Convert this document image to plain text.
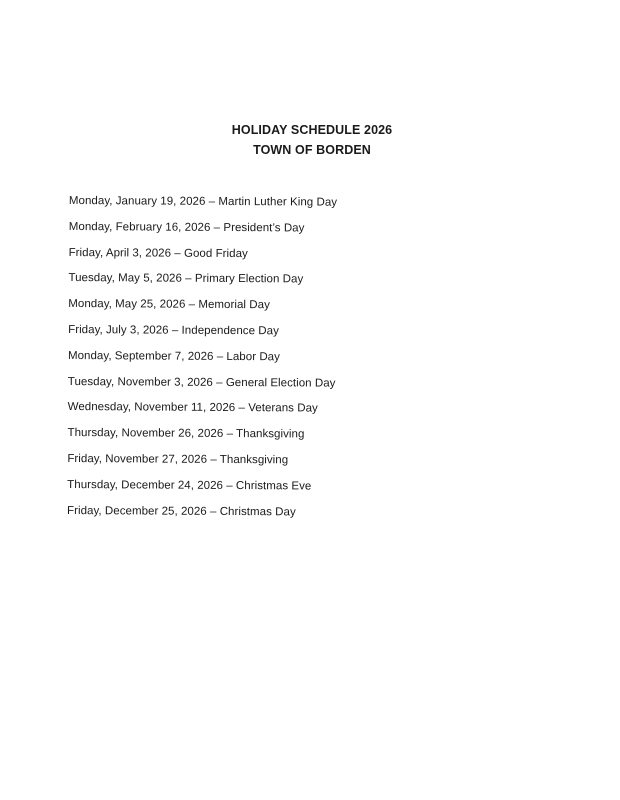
HOLIDAY SCHEDULE 2026
TOWN OF BORDEN
Monday, January 19, 2026 – Martin Luther King Day
Monday, February 16, 2026 – President’s Day
Friday, April 3, 2026 – Good Friday
Tuesday, May 5, 2026 – Primary Election Day
Monday, May 25, 2026 – Memorial Day
Friday, July 3, 2026 – Independence Day
Monday, September 7, 2026 – Labor Day
Tuesday, November 3, 2026 – General Election Day
Wednesday, November 11, 2026 – Veterans Day
Thursday, November 26, 2026 – Thanksgiving
Friday, November 27, 2026 – Thanksgiving
Thursday, December 24, 2026 – Christmas Eve
Friday, December 25, 2026 – Christmas Day
